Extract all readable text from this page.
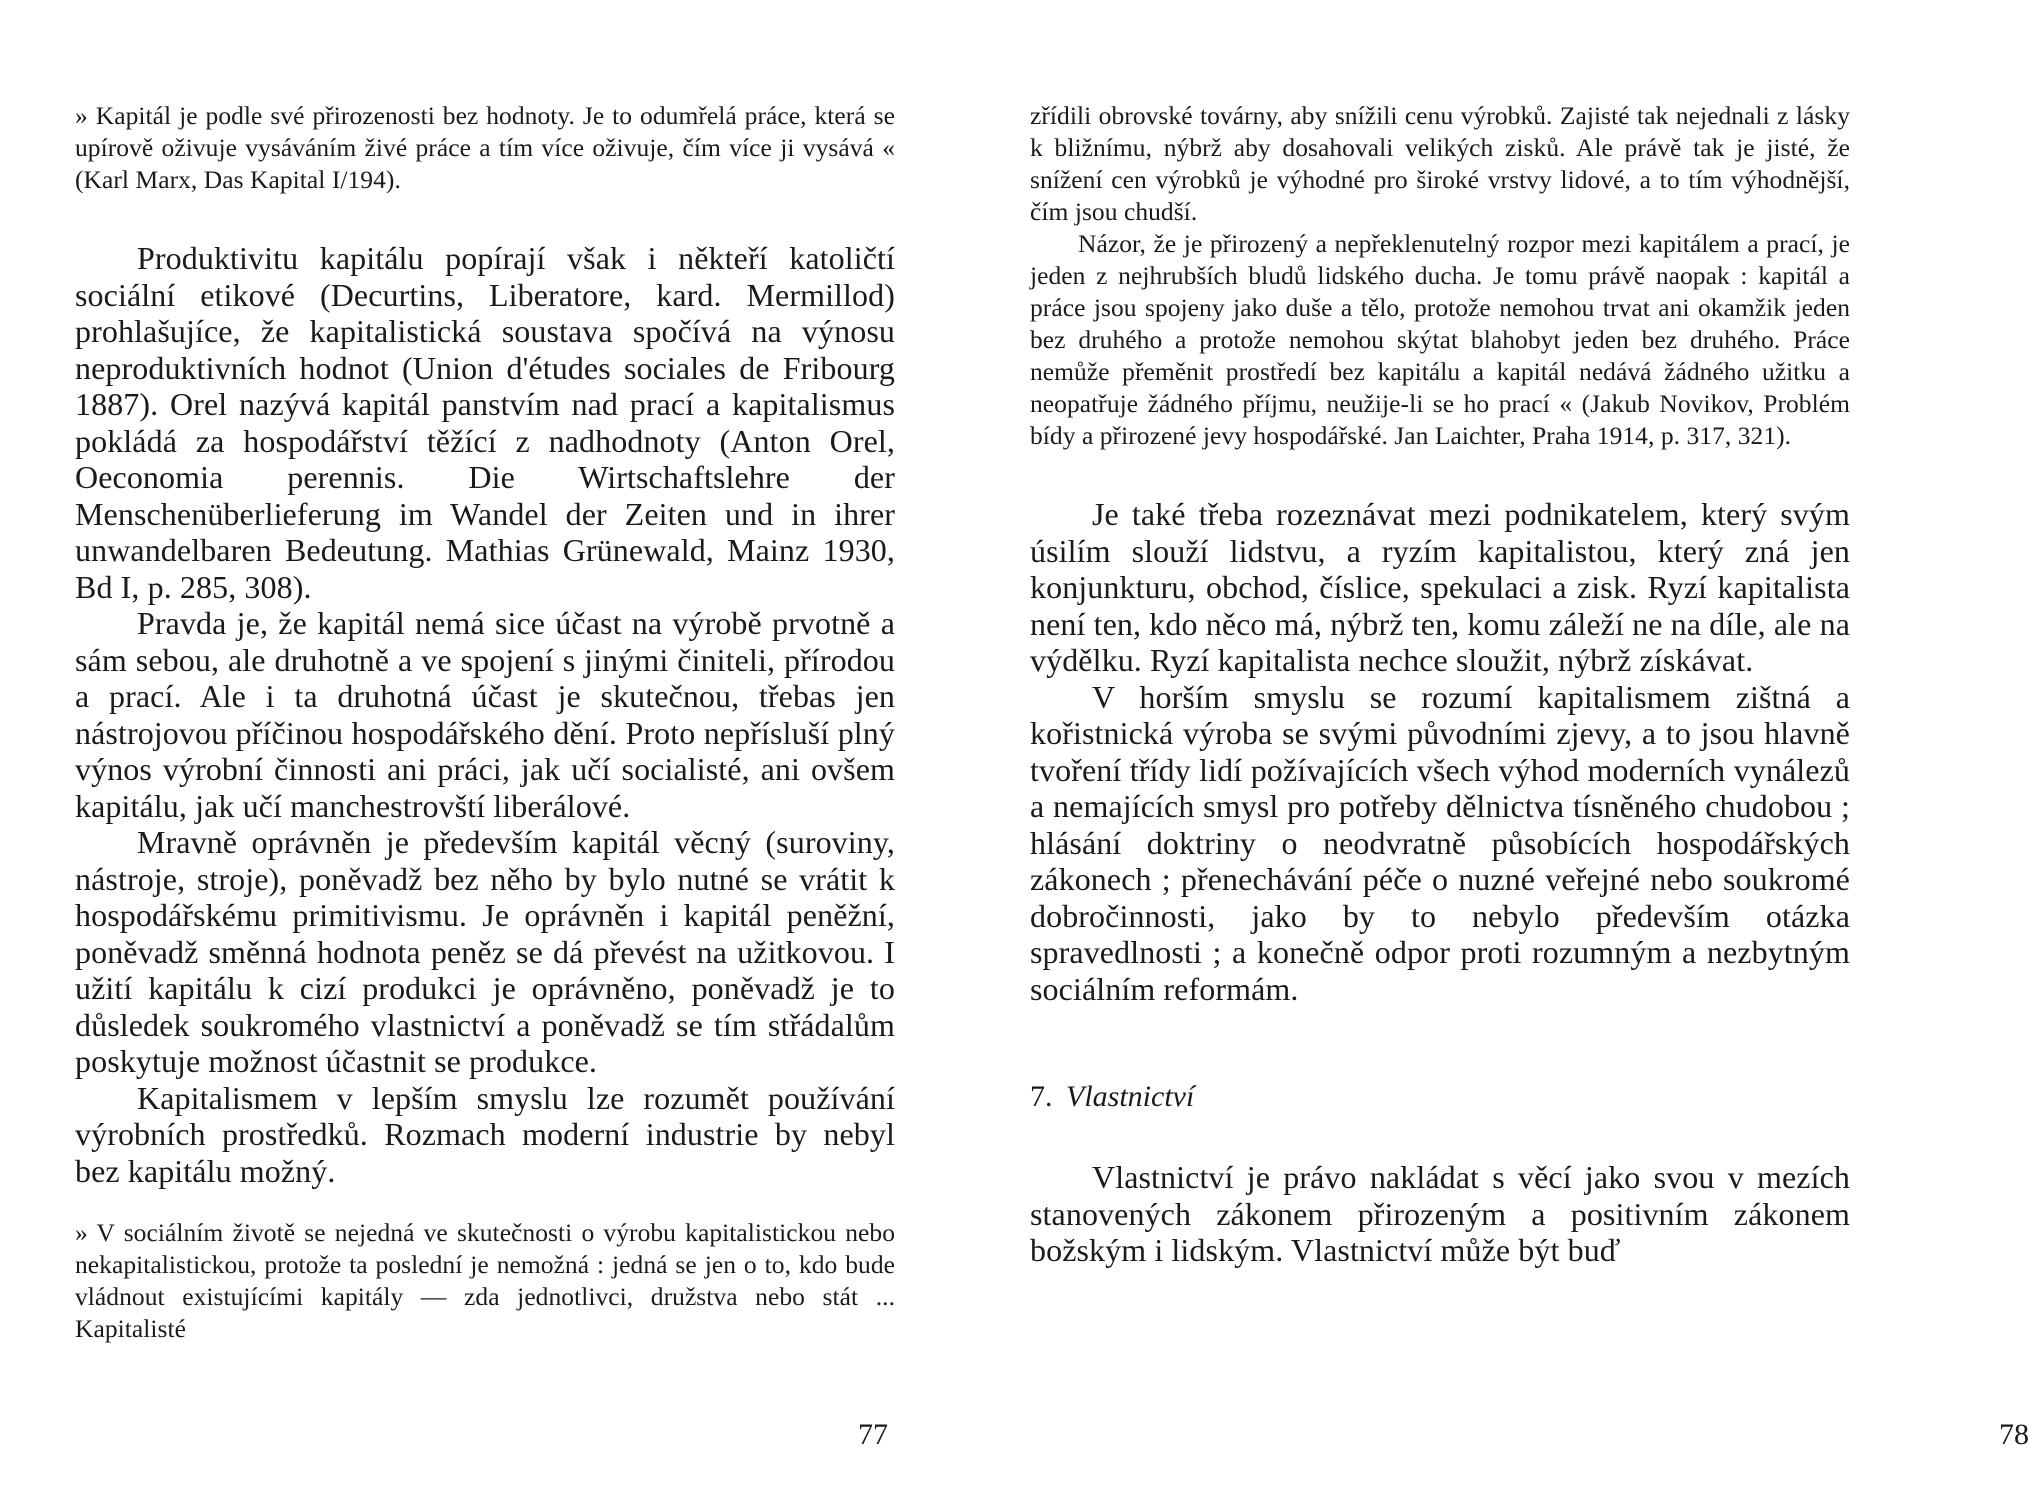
» Kapitál je podle své přirozenosti bez hodnoty. Je to odumřelá práce, která se upírově oživuje vysáváním živé práce a tím více oživuje, čím více ji vysává « (Karl Marx, Das Kapital I/194).

Produktivitu kapitálu popírají však i někteří katoličtí sociální etikové (Decurtins, Liberatore, kard. Mermillod) prohlašujíce, že kapitalistická soustava spočívá na výnosu neproduktivních hodnot (Union d'études sociales de Fribourg 1887). Orel nazývá kapitál panstvím nad prací a kapitalismus pokládá za hospodářství těžící z nadhodnoty (Anton Orel, Oeconomia perennis. Die Wirtschaftslehre der Menschenüberlieferung im Wandel der Zeiten und in ihrer unwandelbaren Bedeutung. Mathias Grünewald, Mainz 1930, Bd I, p. 285, 308).

Pravda je, že kapitál nemá sice účast na výrobě prvotně a sám sebou, ale druhotně a ve spojení s jinými činiteli, přírodou a prací. Ale i ta druhotná účast je skutečnou, třebas jen nástrojovou příčinou hospodářského dění. Proto nepřísluší plný výnos výrobní činnosti ani práci, jak učí socialisté, ani ovšem kapitálu, jak učí manchestrovští liberálové.

Mravně oprávněn je především kapitál věcný (suroviny, nástroje, stroje), poněvadž bez něho by bylo nutné se vrátit k hospodářskému primitivismu. Je oprávněn i kapitál peněžní, poněvadž směnná hodnota peněz se dá převést na užitkovou. I užití kapitálu k cizí produkci je oprávněno, poněvadž je to důsledek soukromého vlastnictví a poněvadž se tím střádalům poskytuje možnost účastnit se produkce.

Kapitalismem v lepším smyslu lze rozumět používání výrobních prostředků. Rozmach moderní industrie by nebyl bez kapitálu možný.

» V sociálním životě se nejedná ve skutečnosti o výrobu kapitalistickou nebo nekapitalistickou, protože ta poslední je nemožná : jedná se jen o to, kdo bude vládnout existujícími kapitály — zda jednotlivci, družstva nebo stát ... Kapitalisté

77

zřídili obrovské továrny, aby snížili cenu výrobků. Zajisté tak nejednali z lásky k bližnímu, nýbrž aby dosahovali velikých zisků. Ale právě tak je jisté, že snížení cen výrobků je výhodné pro široké vrstvy lidové, a to tím výhodnější, čím jsou chudší.

Názor, že je přirozený a nepřeklenutelný rozpor mezi kapitálem a prací, je jeden z nejhrubších bludů lidského ducha. Je tomu právě naopak : kapitál a práce jsou spojeny jako duše a tělo, protože nemohou trvat ani okamžik jeden bez druhého a protože nemohou skýtat blahobyt jeden bez druhého. Práce nemůže přeměnit prostředí bez kapitálu a kapitál nedává žádného užitku a neopatřuje žádného příjmu, neužije-li se ho prací « (Jakub Novikov, Problém bídy a přirozené jevy hospodářské. Jan Laichter, Praha 1914, p. 317, 321).

Je také třeba rozeznávat mezi podnikatelem, který svým úsilím slouží lidstvu, a ryzím kapitalistou, který zná jen konjunkturu, obchod, číslice, spekulaci a zisk. Ryzí kapitalista není ten, kdo něco má, nýbrž ten, komu záleží ne na díle, ale na výdělku. Ryzí kapitalista nechce sloužit, nýbrž získávat.

V horším smyslu se rozumí kapitalismem zištná a kořistnická výroba se svými původními zjevy, a to jsou hlavně tvoření třídy lidí požívajících všech výhod moderních vynálezů a nemajících smysl pro potřeby dělnictva tísněného chudobou ; hlásání doktriny o neodvratně působících hospodářských zákonech ; přenechávání péče o nuzné veřejné nebo soukromé dobročinnosti, jako by to nebylo především otázka spravedlnosti ; a konečně odpor proti rozumným a nezbytným sociálním reformám.

7. Vlastnictví

Vlastnictví je právo nakládat s věcí jako svou v mezích stanovených zákonem přirozeným a positivním zákonem božským i lidským. Vlastnictví může být buď

78
